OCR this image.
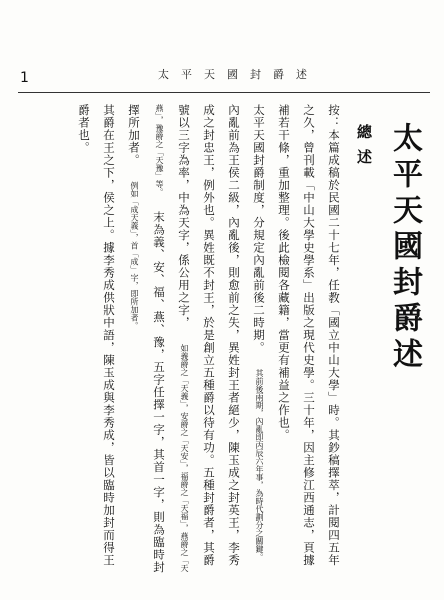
1	太平天國封爵述
太平天國封爵述
總述

按：本篇成稿於民國二十七年，任教「國立中山大學」時。其鈔稿擇萃，計閱四五年之久，曾刊載「中山大學史學系」出版之現代史學。三十年，因主修江西通志，頁據補若干條，重加整理。後此檢閱各藏籍，當更有補益之作也。

太平天國封爵制度，分規定內亂前後二時期。 其前後兩期，內亂即丙辰六年事，為時代劃分之關鍵。 內亂前為王侯二級，內亂後，則愈前之失，異姓封王者絕少，陳玉成之封英王，李秀成之封忠王，例外也。異姓既不封王，於是創立五種爵以待有功。五種封爵者，其爵號以三字為率，中為天字，係公用之字， 如義爵之「天義」，安爵之「天安」，福爵之「天福」，燕爵之「天燕」，豫爵之「天豫」等。 末為義、安、福、燕、豫，五字任擇一字，其首一字，則為臨時封擇所加者。 例如「成天義」，首「成」字，即所加者。

其爵在王之下，侯之上。據李秀成供狀中語，陳玉成與李秀成，皆以臨時加封而得王爵者也。
